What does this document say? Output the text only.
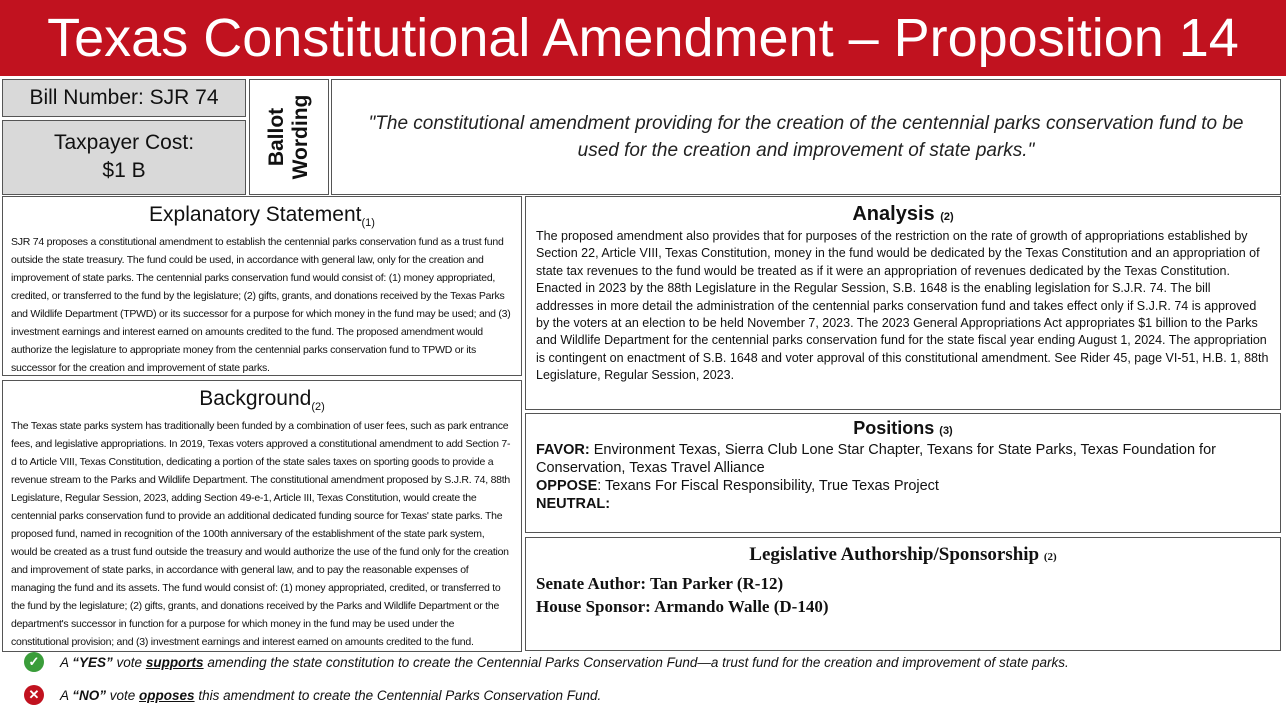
Texas Constitutional Amendment – Proposition 14
Bill Number: SJR 74
Taxpayer Cost:
$1 B
Ballot Wording	"The constitutional amendment providing for the creation of the centennial parks conservation fund to be used for the creation and improvement of state parks."
Explanatory Statement$_{(1)}$
SJR 74 proposes a constitutional amendment to establish the centennial parks conservation fund as a trust fund outside the state treasury. The fund could be used, in accordance with general law, only for the creation and improvement of state parks. The centennial parks conservation fund would consist of: (1) money appropriated, credited, or transferred to the fund by the legislature; (2) gifts, grants, and donations received by the Texas Parks and Wildlife Department (TPWD) or its successor for a purpose for which money in the fund may be used; and (3) investment earnings and interest earned on amounts credited to the fund. The proposed amendment would authorize the legislature to appropriate money from the centennial parks conservation fund to TPWD or its successor for the creation and improvement of state parks.
Background$_{(2)}$
The Texas state parks system has traditionally been funded by a combination of user fees, such as park entrance fees, and legislative appropriations. In 2019, Texas voters approved a constitutional amendment to add Section 7-d to Article VIII, Texas Constitution, dedicating a portion of the state sales taxes on sporting goods to provide a revenue stream to the Parks and Wildlife Department. The constitutional amendment proposed by S.J.R. 74, 88th Legislature, Regular Session, 2023, adding Section 49-e-1, Article III, Texas Constitution, would create the centennial parks conservation fund to provide an additional dedicated funding source for Texas' state parks. The proposed fund, named in recognition of the 100th anniversary of the establishment of the state park system, would be created as a trust fund outside the treasury and would authorize the use of the fund only for the creation and improvement of state parks, in accordance with general law, and to pay the reasonable expenses of managing the fund and its assets. The fund would consist of: (1) money appropriated, credited, or transferred to the fund by the legislature; (2) gifts, grants, and donations received by the Parks and Wildlife Department or the department's successor in function for a purpose for which money in the fund may be used under the constitutional provision; and (3) investment earnings and interest earned on amounts credited to the fund.
Analysis (2)
The proposed amendment also provides that for purposes of the restriction on the rate of growth of appropriations established by Section 22, Article VIII, Texas Constitution, money in the fund would be dedicated by the Texas Constitution and an appropriation of state tax revenues to the fund would be treated as if it were an appropriation of revenues dedicated by the Texas Constitution. Enacted in 2023 by the 88th Legislature in the Regular Session, S.B. 1648 is the enabling legislation for S.J.R. 74. The bill addresses in more detail the administration of the centennial parks conservation fund and takes effect only if S.J.R. 74 is approved by the voters at an election to be held November 7, 2023. The 2023 General Appropriations Act appropriates $1 billion to the Parks and Wildlife Department for the centennial parks conservation fund for the state fiscal year ending August 1, 2024. The appropriation is contingent on enactment of S.B. 1648 and voter approval of this constitutional amendment. See Rider 45, page VI-51, H.B. 1, 88th Legislature, Regular Session, 2023.
Positions (3)
FAVOR: Environment Texas, Sierra Club Lone Star Chapter, Texans for State Parks, Texas Foundation for Conservation, Texas Travel Alliance
OPPOSE: Texans For Fiscal Responsibility, True Texas Project
NEUTRAL:
Legislative Authorship/Sponsorship (2)
Senate Author: Tan Parker (R-12)
House Sponsor: Armando Walle (D-140)
✓	A “YES” vote supports amending the state constitution to create the Centennial Parks Conservation Fund—a trust fund for the creation and improvement of state parks.
✕	A “NO” vote opposes this amendment to create the Centennial Parks Conservation Fund.
